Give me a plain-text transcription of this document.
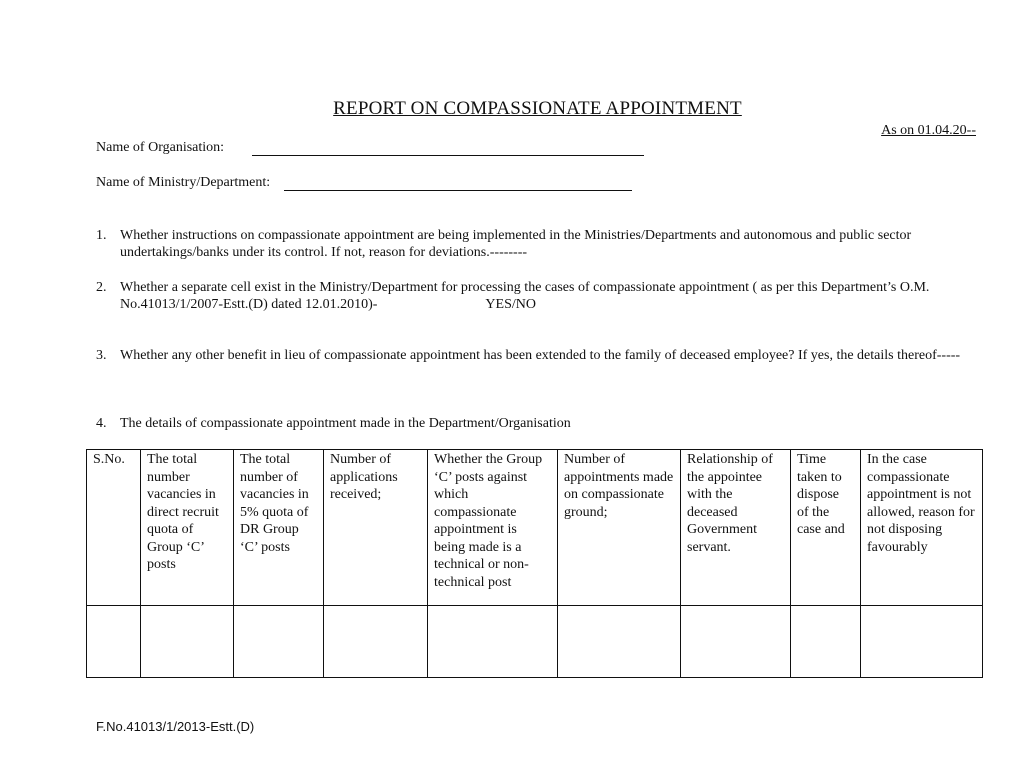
REPORT ON COMPASSIONATE APPOINTMENT
As on 01.04.20--
Name of Organisation:
Name of Ministry/Department:
1. Whether instructions on compassionate appointment are being implemented in the Ministries/Departments and autonomous and public sector undertakings/banks under its control. If not, reason for deviations.--------
2. Whether a separate cell exist in the Ministry/Department for processing the cases of compassionate appointment ( as per this Department’s O.M. No.41013/1/2007-Estt.(D) dated 12.01.2010)-	YES/NO
3. Whether any other benefit in lieu of compassionate appointment has been extended to the family of deceased employee? If yes, the details thereof-----
4. The details of compassionate appointment made in the Department/Organisation
S.No.	The total number vacancies in direct recruit quota of Group ‘C’ posts	The total number of vacancies in 5% quota of DR Group ‘C’ posts	Number of applications received;	Whether the Group ‘C’ posts against which compassionate appointment is being made is a technical or non-technical post	Number of appointments made on compassionate ground;	Relationship of the appointee with the deceased Government servant.	Time taken to dispose of the case and	In the case compassionate appointment is not allowed, reason for not disposing favourably

F.No.41013/1/2013-Estt.(D)
